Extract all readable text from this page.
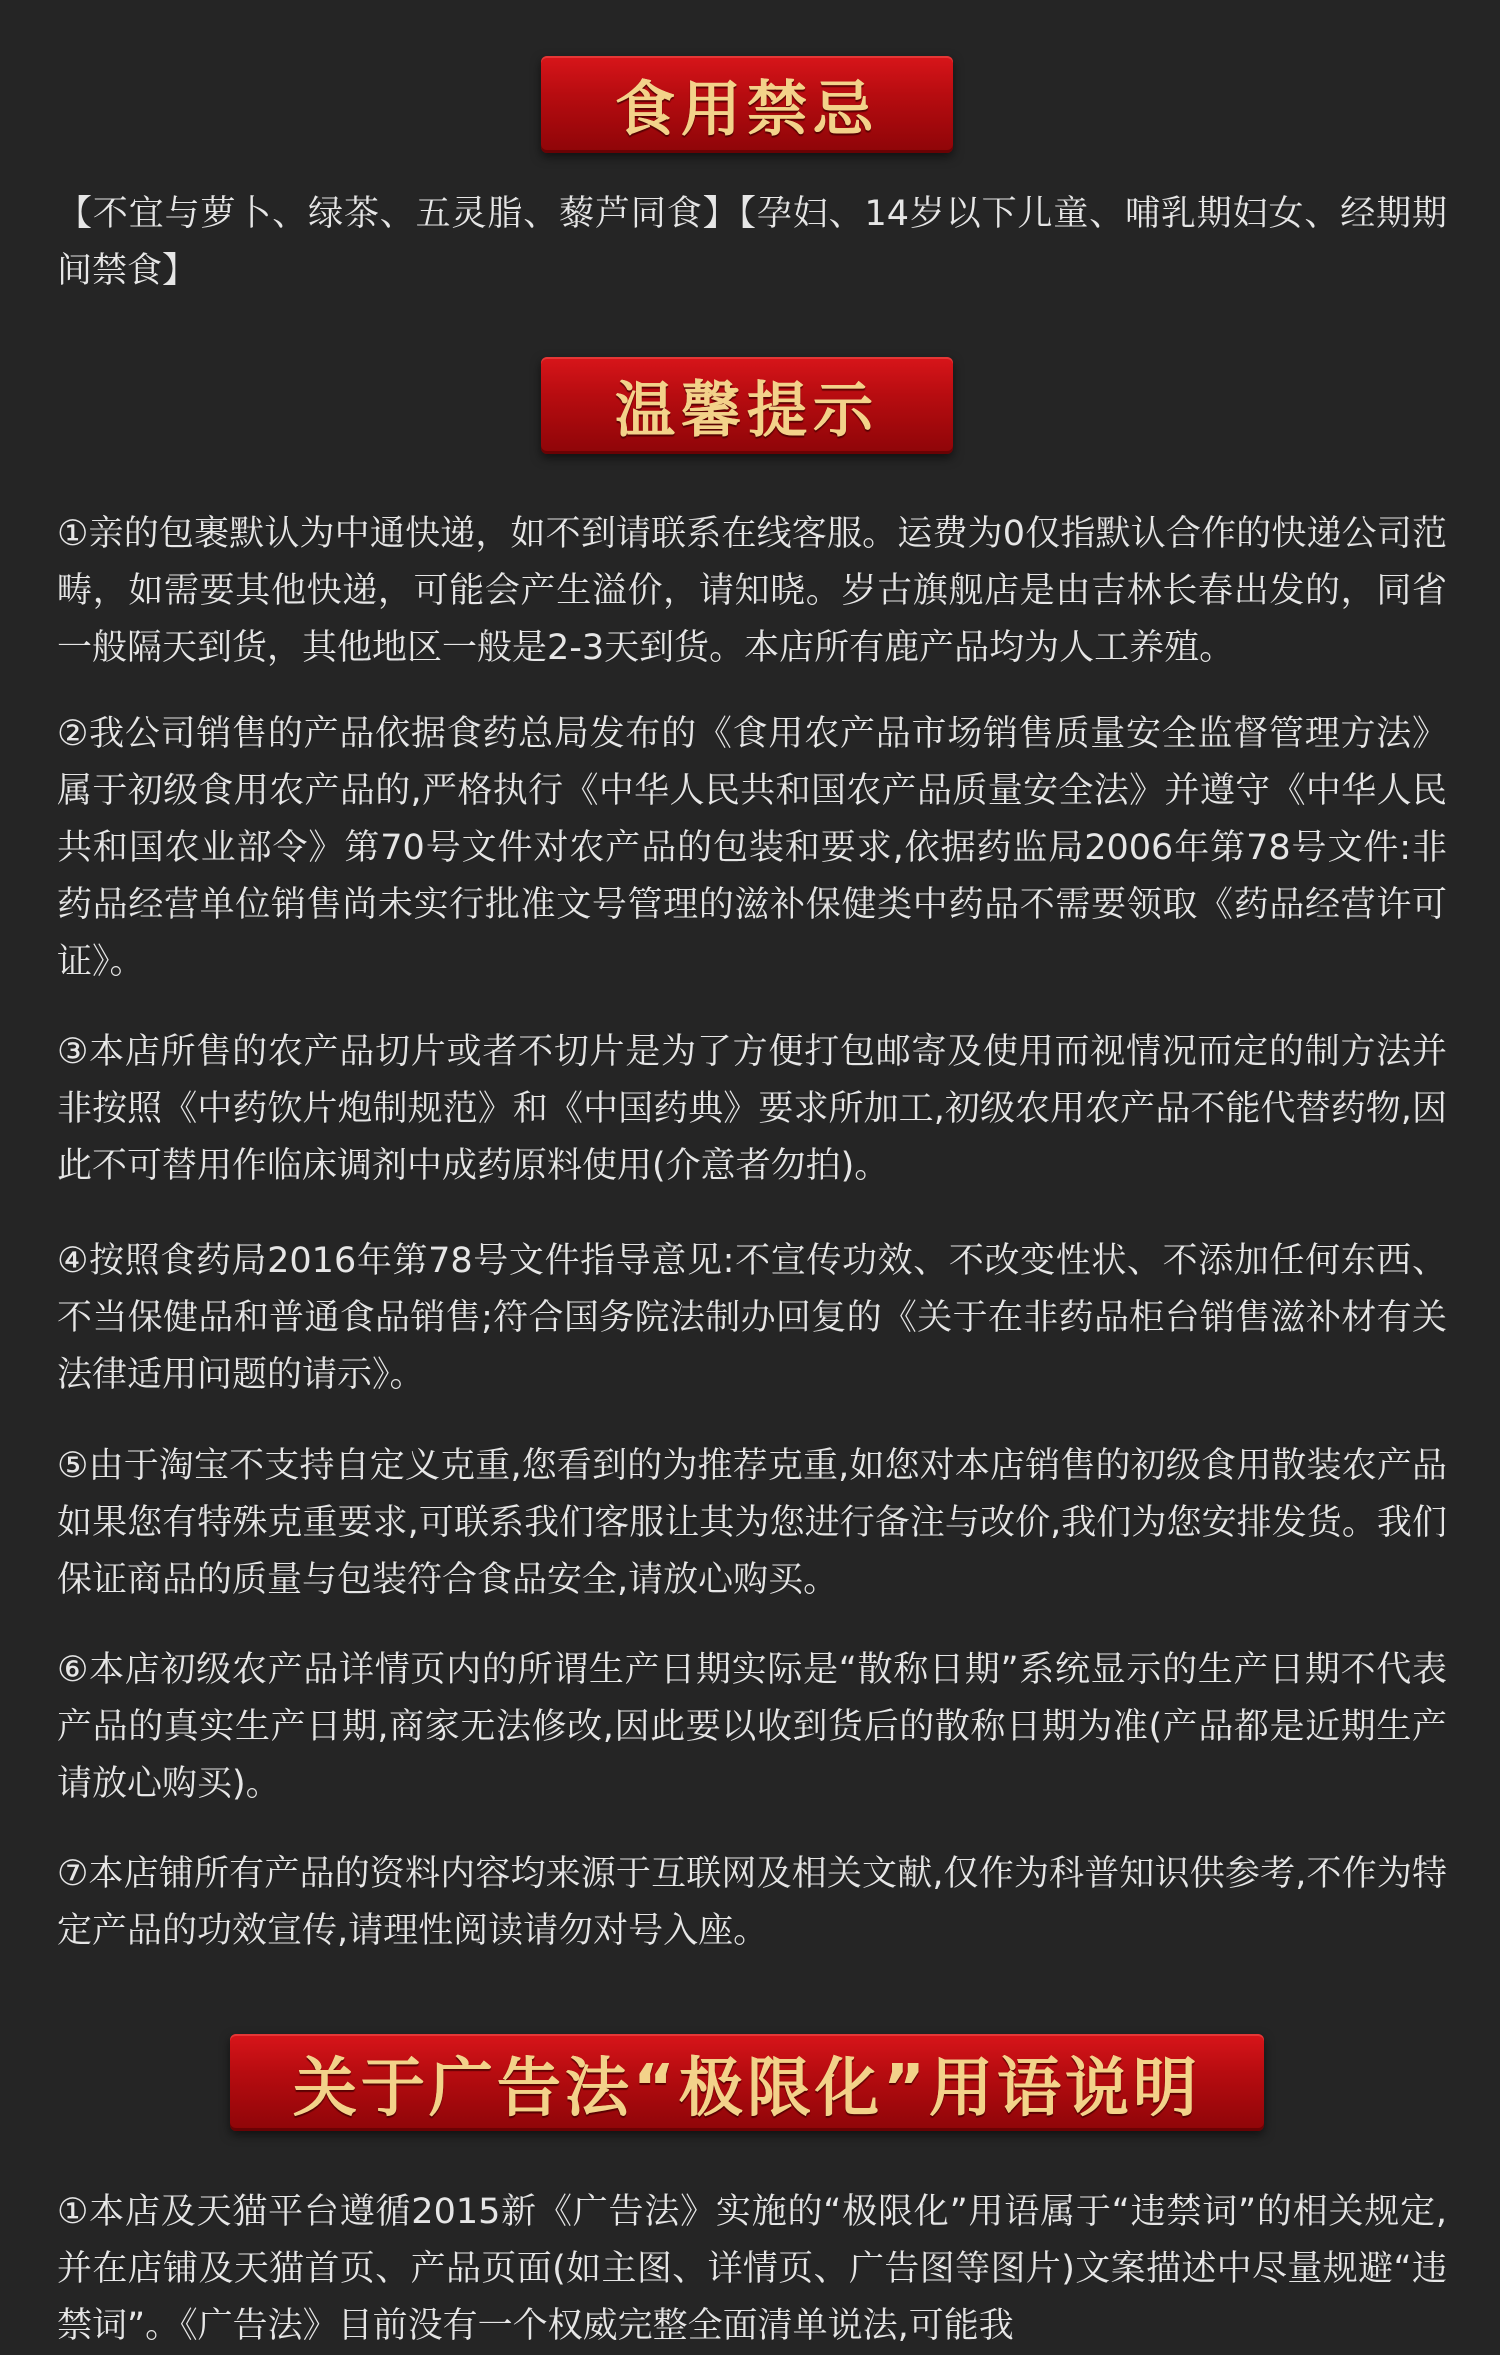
食用禁忌

【不宜与萝卜、绿茶、五灵脂、藜芦同食】【孕妇、14岁以下儿童、哺乳期妇女、经期期间禁食】

温馨提示

①亲的包裹默认为中通快递，如不到请联系在线客服。运费为0仅指默认合作的快递公司范畴，如需要其他快递，可能会产生溢价，请知晓。岁古旗舰店是由吉林长春出发的，同省一般隔天到货，其他地区一般是2-3天到货。本店所有鹿产品均为人工养殖。

②我公司销售的产品依据食药总局发布的《食用农产品市场销售质量安全监督管理方法》属于初级食用农产品的,严格执行《中华人民共和国农产品质量安全法》并遵守《中华人民共和国农业部令》第70号文件对农产品的包装和要求,依据药监局2006年第78号文件:非药品经营单位销售尚未实行批准文号管理的滋补保健类中药品不需要领取《药品经营许可证》。

③本店所售的农产品切片或者不切片是为了方便打包邮寄及使用而视情况而定的制方法并非按照《中药饮片炮制规范》和《中国药典》要求所加工,初级农用农产品不能代替药物,因此不可替用作临床调剂中成药原料使用(介意者勿拍)。

④按照食药局2016年第78号文件指导意见:不宣传功效、不改变性状、不添加任何东西、不当保健品和普通食品销售;符合国务院法制办回复的《关于在非药品柜台销售滋补材有关法律适用问题的请示》。

⑤由于淘宝不支持自定义克重,您看到的为推荐克重,如您对本店销售的初级食用散装农产品如果您有特殊克重要求,可联系我们客服让其为您进行备注与改价,我们为您安排发货。我们保证商品的质量与包装符合食品安全,请放心购买。

⑥本店初级农产品详情页内的所谓生产日期实际是“散称日期”系统显示的生产日期不代表产品的真实生产日期,商家无法修改,因此要以收到货后的散称日期为准(产品都是近期生产请放心购买)。

⑦本店铺所有产品的资料内容均来源于互联网及相关文献,仅作为科普知识供参考,不作为特定产品的功效宣传,请理性阅读请勿对号入座。

关于广告法“极限化”用语说明

①本店及天猫平台遵循2015新《广告法》实施的“极限化”用语属于“违禁词”的相关规定,并在店铺及天猫首页、产品页面(如主图、详情页、广告图等图片)文案描述中尽量规避“违禁词”。《广告法》目前没有一个权威完整全面清单说法,可能我
